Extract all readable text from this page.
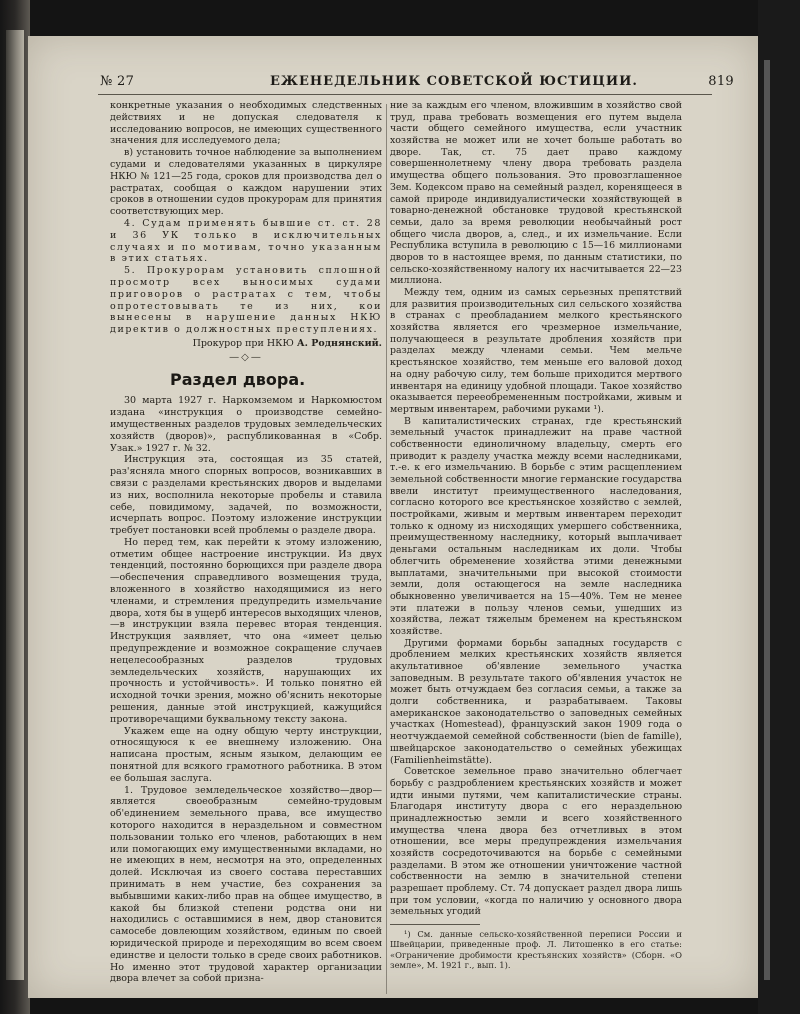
№ 27	ЕЖЕНЕДЕЛЬНИК СОВЕТСКОЙ ЮСТИЦИИ.	819

конкретные указания о необходимых следственных действиях и не допуская следователя к исследованию вопросов, не имеющих существенного значения для исследуемого дела;

в) установить точное наблюдение за выполнением судами и следователями указанных в циркуляре НКЮ № 121—25 года, сроков для производства дел о растратах, сообщая о каждом нарушении этих сроков в отношении судов прокурорам для принятия соответствующих мер.

4. Судам применять бывшие ст. ст. 28 и 36 УК только в исключительных случаях и по мотивам, точно указанным в этих статьях.

5. Прокурорам установить сплошной просмотр всех выносимых судами приговоров о растратах с тем, чтобы опротестовывать те из них, кои вынесены в нарушение данных НКЮ директив о должностных преступлениях.

Прокурор при НКЮ А. Роднянский.
—◇—
Раздел двора.

30 марта 1927 г. Наркомземом и Наркомюстом издана «инструкция о производстве семейно-имущественных разделов трудовых земледельческих хозяйств (дворов)», распубликованная в «Собр. Узак.» 1927 г. № 32.

Инструкция эта, состоящая из 35 статей, раз'ясняла много спорных вопросов, возникавших в связи с разделами крестьянских дворов и выделами из них, восполнила некоторые пробелы и ставила себе, повидимому, задачей, по возможности, исчерпать вопрос. Поэтому изложение инструкции требует постановки всей проблемы о разделе двора.

Но перед тем, как перейти к этому изложению, отметим общее настроение инструкции. Из двух тенденций, постоянно борющихся при разделе двора—обеспечения справедливого возмещения труда, вложенного в хозяйство находящимися из него членами, и стремления предупредить измельчание двора, хотя бы в ущерб интересов выходящих членов,—в инструкции взяла перевес вторая тенденция. Инструкция заявляет, что она «имеет целью предупреждение и возможное сокращение случаев нецелесообразных разделов трудовых земледельческих хозяйств, нарушающих их прочность и устойчивость». И только понятно ей исходной точки зрения, можно об'яснить некоторые решения, данные этой инструкцией, кажущийся противоречащими буквальному тексту закона.

Укажем еще на одну общую черту инструкции, относящуюся к ее внешнему изложению. Она написана простым, ясным языком, делающим ее понятной для всякого грамотного работника. В этом ее большая заслуга.

1. Трудовое земледельческое хозяйство—двор—является своеобразным семейно-трудовым об'единением земельного права, все имущество которого находится в нераздельном и совместном пользовании только его членов, работающих в нем или помогающих ему имущественными вкладами, но не имеющих в нем, несмотря на это, определенных долей. Исключая из своего состава переставших принимать в нем участие, без сохранения за выбывшими каких-либо прав на общее имущество, в какой бы близкой степени родства они ни находились с оставшимися в нем, двор становится самоcебе довлеющим хозяйством, единым по своей юридической природе и переходящим во всем своем единстве и целости только в среде своих работников. Но именно этот трудовой характер организации двора влечет за собой призна-

ние за каждым его членом, вложившим в хозяйство свой труд, права требовать возмещения его путем выдела части общего семейного имущества, если участник хозяйства не может или не хочет больше работать во дворе. Так, ст. 75 дает право каждому совершеннолетнему члену двора требовать раздела имущества общего пользования. Это провозглашенное Зем. Кодексом право на семейный раздел, коренящееся в самой природе индивидуалистически хозяйствующей в товарно-денежной обстановке трудовой крестьянской семьи, дало за время революции необычайный рост общего числа дворов, а, след., и их измельчание. Если Республика вступила в революцию с 15—16 миллионами дворов то в настоящее время, по данным статистики, по сельско-хозяйственному налогу их насчитывается 22—23 миллиона.

Между тем, одним из самых серьезных препятствий для развития производительных сил сельского хозяйства в странах с преобладанием мелкого крестьянского хозяйства является его чрезмерное измельчание, получающееся в результате дробления хозяйств при разделах между членами семьи. Чем мельче крестьянское хозяйство, тем меньше его валовой доход на одну рабочую силу, тем больше приходится мертвого инвентаря на единицу удобной площади. Такое хозяйство оказывается перееобремененным постройками, живым и мертвым инвентарем, рабочими руками ¹).

В капиталистических странах, где крестьянский земельный участок принадлежит на праве частной собственности единоличному владельцу, смерть его приводит к разделу участка между всеми наследниками, т.-е. к его измельчанию. В борьбе с этим расщеплением земельной собственности многие германские государства ввели институт преимущественного наследования, согласно которого все крестьянское хозяйство с землей, постройками, живым и мертвым инвентарем переходит только к одному из нисходящих умершего собственника, преимущественному наследнику, который выплачивает деньгами остальным наследникам их доли. Чтобы облегчить обременение хозяйства этими денежными выплатами, значительными при высокой стоимости земли, доля остающегося на земле наследника обыкновенно увеличивается на 15—40%. Тем не менее эти платежи в пользу членов семьи, ушедших из хозяйства, лежат тяжелым бременем на крестьянском хозяйстве.

Другими формами борьбы западных государств с дроблением мелких крестьянских хозяйств является акультативное об'явление земельного участка заповедным. В результате такого об'явления участок не может быть отчуждаем без согласия семьи, а также за долги собственника, и разрабатываем. Таковы американское законодательство о заповедных семейных участках (Homestead), французский закон 1909 года о неотчуждаемой семейной собственности (bien de famille), швейцарское законодательство о семейных убежищах (Familienheimstätte).

Советское земельное право значительно облегчает борьбу с раздроблением крестьянских хозяйств и может идти иными путями, чем капиталистические страны. Благодаря институту двора с его нераздельною принадлежностью земли и всего хозяйственного имущества члена двора без отчетливых в этом отношении, все меры предупреждения измельчания хозяйств сосредоточиваются на борьбе с семейными разделами. В этом же отношении уничтожение частной собственности на землю в значительной степени разрешает проблему. Ст. 74 допускает раздел двора лишь при том условии, «когда по наличию у основного двора земельных угодий

¹) См. данные сельско-хозяйственной переписи России и Швейцарии, приведенные проф. Л. Литошенко в его статье: «Ограничение дробимости крестьянских хозяйств» (Сборн. «О земле», М. 1921 г., вып. 1).
